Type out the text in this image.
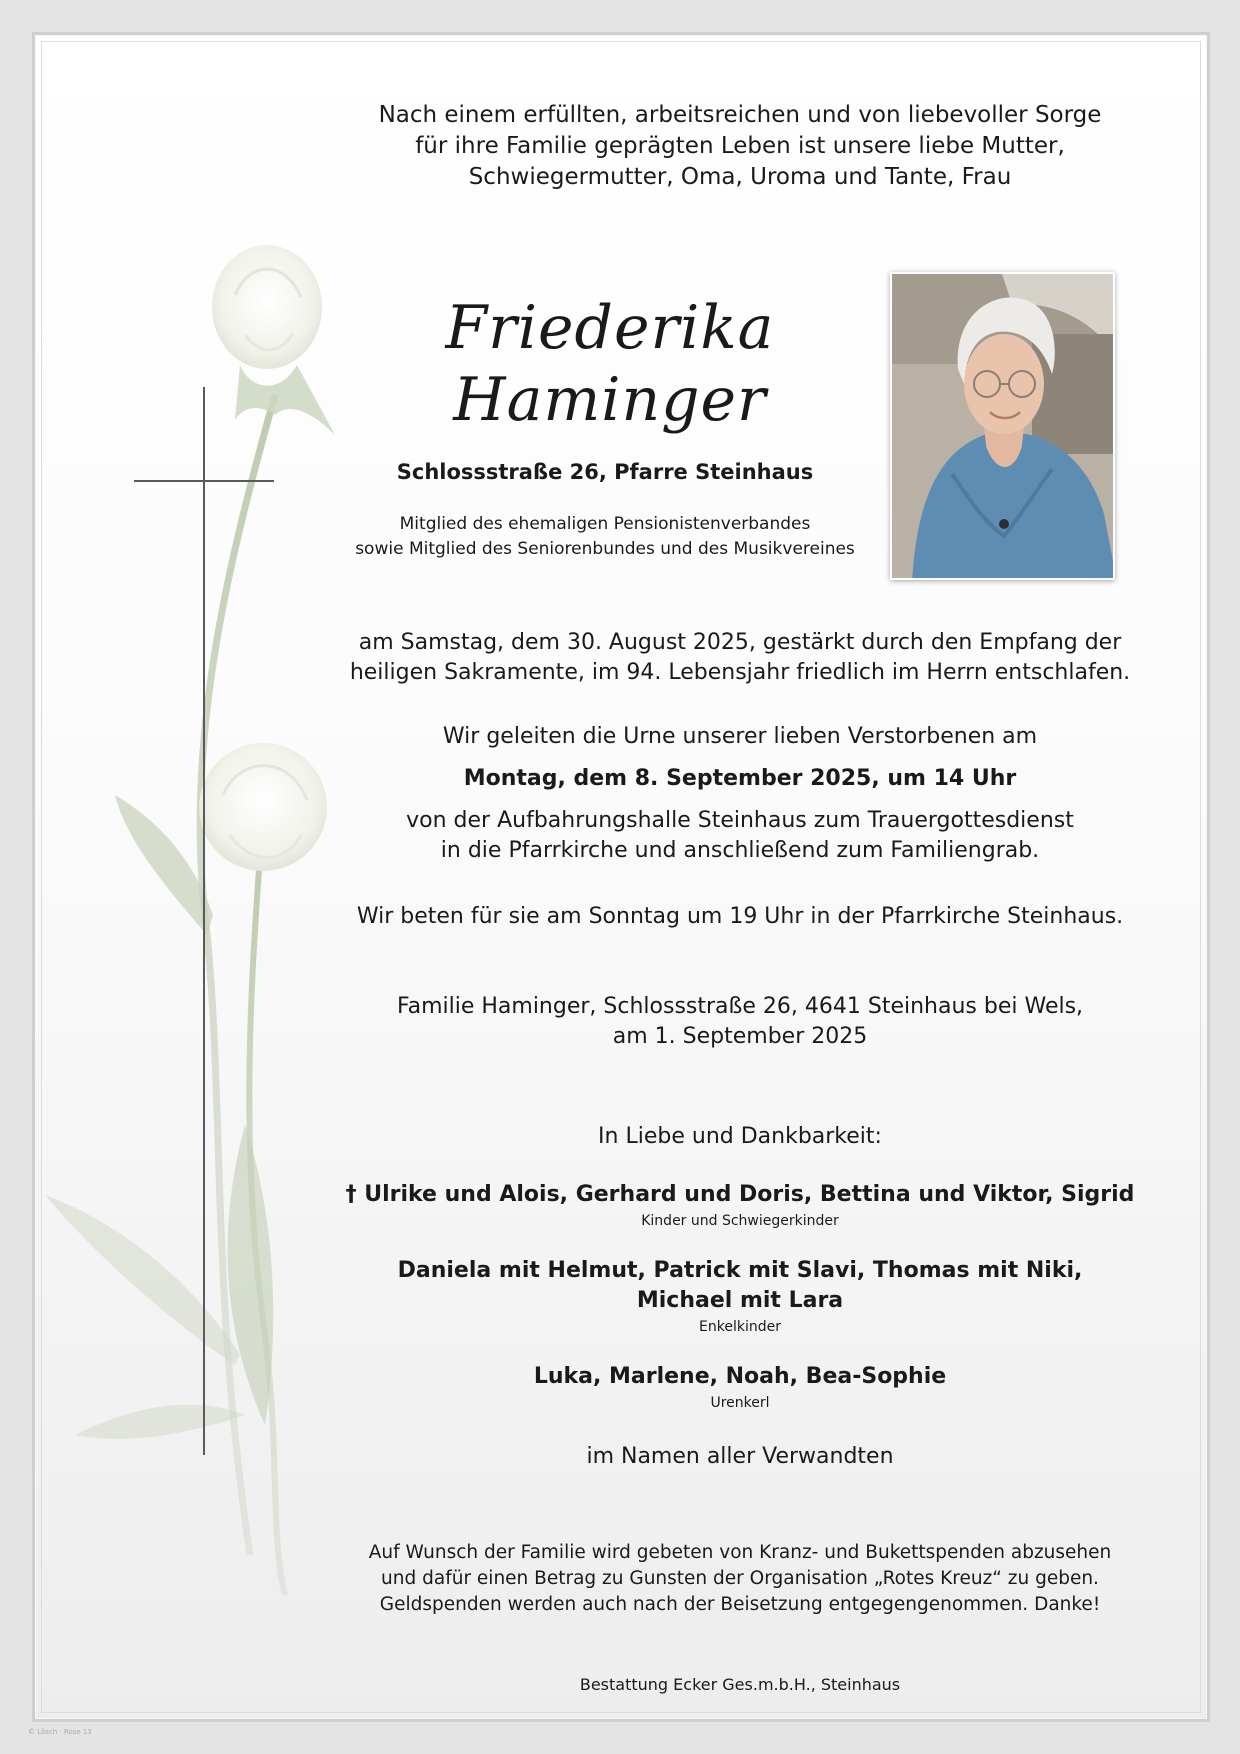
Nach einem erfüllten, arbeitsreichen und von liebevoller Sorge
für ihre Familie geprägten Leben ist unsere liebe Mutter,
Schwiegermutter, Oma, Uroma und Tante, Frau
Friederika
Haminger
Schlossstraße 26, Pfarre Steinhaus
Mitglied des ehemaligen Pensionistenverbandes
sowie Mitglied des Seniorenbundes und des Musikvereines
am Samstag, dem 30. August 2025, gestärkt durch den Empfang der
heiligen Sakramente, im 94. Lebensjahr friedlich im Herrn entschlafen.
Wir geleiten die Urne unserer lieben Verstorbenen am
Montag, dem 8. September 2025, um 14 Uhr
von der Aufbahrungshalle Steinhaus zum Trauergottesdienst
in die Pfarrkirche und anschließend zum Familiengrab.
Wir beten für sie am Sonntag um 19 Uhr in der Pfarrkirche Steinhaus.
Familie Haminger, Schlossstraße 26, 4641 Steinhaus bei Wels,
am 1. September 2025
In Liebe und Dankbarkeit:
† Ulrike und Alois, Gerhard und Doris, Bettina und Viktor, Sigrid
Kinder und Schwiegerkinder
Daniela mit Helmut, Patrick mit Slavi, Thomas mit Niki,
Michael mit Lara
Enkelkinder
Luka, Marlene, Noah, Bea-Sophie
Urenkerl
im Namen aller Verwandten
Auf Wunsch der Familie wird gebeten von Kranz- und Bukettspenden abzusehen
und dafür einen Betrag zu Gunsten der Organisation „Rotes Kreuz“ zu geben.
Geldspenden werden auch nach der Beisetzung entgegengenommen. Danke!
Bestattung Ecker Ges.m.b.H., Steinhaus
© Lösch · Rose 13
